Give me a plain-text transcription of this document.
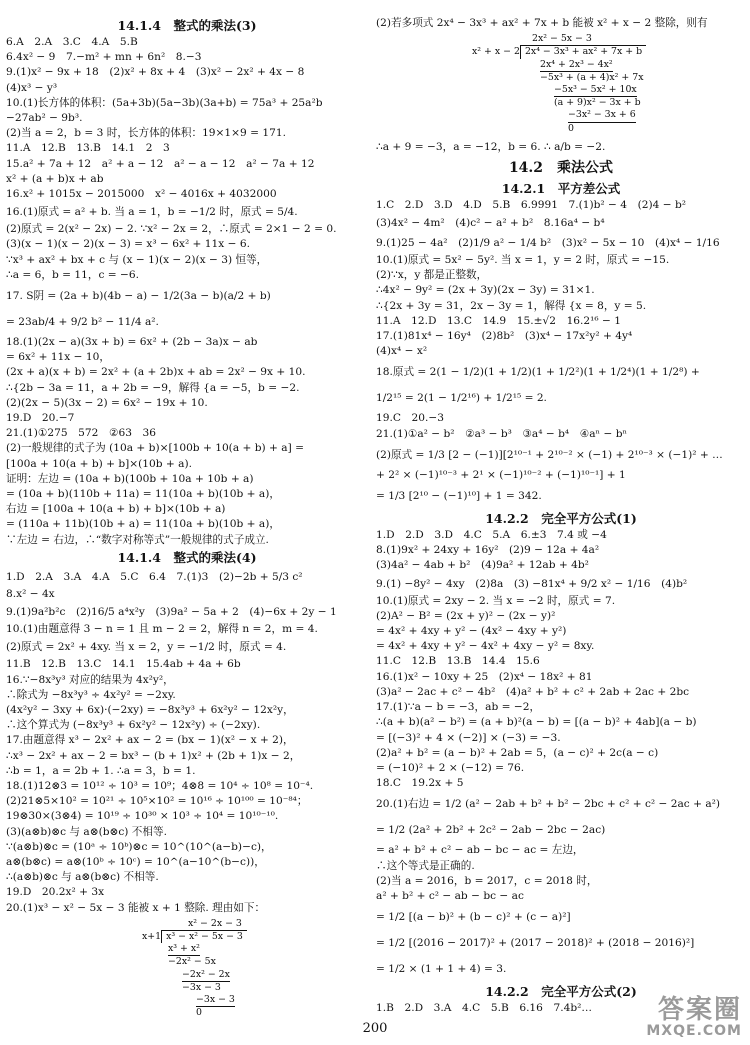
14.1.4　整式的乘法(3)
6.A　2.A　3.C　4.A　5.B
6.4x² − 9　7.−m² + mn + 6n²　8.−3
9.(1)x² − 9x + 18　(2)x² + 8x + 4　(3)x² − 2x² + 4x − 8
(4)x³ − y³
10.(1)长方体的体积：(5a+3b)(5a−3b)(3a+b) = 75a³ + 25a²b
−27ab² − 9b³.
(2)当 a = 2，b = 3 时，长方体的体积：19×1×9 = 171.
11.A　12.B　13.B　14.1　2　3
15.a² + 7a + 12　a² + a − 12　a² − a − 12　a² − 7a + 12
x² + (a + b)x + ab
16.x² + 1015x − 2015000　x² − 4016x + 4032000
16.(1)原式 = a² + b. 当 a = 1，b = −1/2 时，原式 = 5/4.
(2)原式 = 2(x² − 2x) − 2. ∵x² − 2x = 2，∴原式 = 2×1 − 2 = 0.
(3)(x − 1)(x − 2)(x − 3) = x³ − 6x² + 11x − 6.
∵x³ + ax² + bx + c 与 (x − 1)(x − 2)(x − 3) 恒等，
∴a = 6，b = 11，c = −6.
17. S阴 = (2a + b)(4b − a) − 1/2(3a − b)(a/2 + b)
= 23ab/4 + 9/2 b² − 11/4 a².
18.(1)(2x − a)(3x + b) = 6x² + (2b − 3a)x − ab
= 6x² + 11x − 10，
(2x + a)(x + b) = 2x² + (a + 2b)x + ab = 2x² − 9x + 10.
∴{2b − 3a = 11，a + 2b = −9，解得 {a = −5，b = −2.
(2)(2x − 5)(3x − 2) = 6x² − 19x + 10.
19.D　20.−7
21.(1)①275　572　②63　36
(2)一般规律的式子为 (10a + b)×[100b + 10(a + b) + a] =
[100a + 10(a + b) + b]×(10b + a).
证明：左边 = (10a + b)(100b + 10a + 10b + a)
= (10a + b)(110b + 11a) = 11(10a + b)(10b + a)，
右边 = [100a + 10(a + b) + b]×(10b + a)
= (110a + 11b)(10b + a) = 11(10a + b)(10b + a)，
∵左边 = 右边，∴“数字对称等式”一般规律的式子成立.
14.1.4　整式的乘法(4)
1.D　2.A　3.A　4.A　5.C　6.4　7.(1)3　(2)−2b + 5/3 c²
8.x² − 4x
9.(1)9a²b²c　(2)16/5 a⁴x²y　(3)9a² − 5a + 2　(4)−6x + 2y − 1
10.(1)由题意得 3 − n = 1 且 m − 2 = 2，解得 n = 2，m = 4.
(2)原式 = 2x² + 4xy. 当 x = 2，y = −1/2 时，原式 = 4.
11.B　12.B　13.C　14.1　15.4ab + 4a + 6b
16.∵−8x³y³ 对应的结果为 4x²y²，
∴除式为 −8x³y³ ÷ 4x²y² = −2xy.
(4x²y² − 3xy + 6x)·(−2xy) = −8x³y³ + 6x²y² − 12x²y，
∴这个算式为 (−8x³y³ + 6x²y² − 12x²y) ÷ (−2xy).
17.由题意得 x³ − 2x² + ax − 2 = (bx − 1)(x² − x + 2)，
∴x³ − 2x² + ax − 2 = bx³ − (b + 1)x² + (2b + 1)x − 2，
∴b = 1，a = 2b + 1. ∴a = 3，b = 1.
18.(1)12⊗3 = 10¹² ÷ 10³ = 10⁹；4⊗8 = 10⁴ ÷ 10⁸ = 10⁻⁴.
(2)21⊗5×10² = 10²¹ ÷ 10⁵×10² = 10¹⁶ ÷ 10¹⁰⁰ = 10⁻⁸⁴；
19⊗30×(3⊗4) = 10¹⁹ ÷ 10³⁰ × 10³ ÷ 10⁴ = 10¹⁰⁻¹⁰.
(3)(a⊗b)⊗c 与 a⊗(b⊗c) 不相等.
∵(a⊗b)⊗c = (10ᵃ ÷ 10ᵇ)⊗c = 10^(10^(a−b)−c)，
a⊗(b⊗c) = a⊗(10ᵇ ÷ 10ᶜ) = 10^(a−10^(b−c))，
∴(a⊗b)⊗c 与 a⊗(b⊗c) 不相等.
19.D　20.2x² + 3x
20.(1)x³ − x² − 5x − 3 能被 x + 1 整除. 理由如下：
x² − 2x − 3
x+1 x³ − x² − 5x − 3
x³ + x²
−2x² − 5x
−2x² − 2x
−3x − 3
−3x − 3
0
(2)若多项式 2x⁴ − 3x³ + ax² + 7x + b 能被 x² + x − 2 整除，则有
2x² − 5x − 3
x² + x − 2 2x⁴ − 3x³ + ax² + 7x + b
2x⁴ + 2x³ − 4x²
−5x³ + (a + 4)x² + 7x
−5x³ − 5x² + 10x
(a + 9)x² − 3x + b
−3x² − 3x + 6
0
∴a + 9 = −3，a = −12，b = 6. ∴ a/b = −2.
14.2　乘法公式
14.2.1　平方差公式
1.C　2.D　3.D　4.D　5.B　6.9991　7.(1)b² − 4　(2)4 − b²
(3)4x² − 4m²　(4)c² − a² + b²　8.16a⁴ − b⁴
9.(1)25 − 4a²　(2)1/9 a² − 1/4 b²　(3)x² − 5x − 10　(4)x⁴ − 1/16
10.(1)原式 = 5x² − 5y². 当 x = 1，y = 2 时，原式 = −15.
(2)∵x，y 都是正整数，
∴4x² − 9y² = (2x + 3y)(2x − 3y) = 31×1.
∴{2x + 3y = 31，2x − 3y = 1，解得 {x = 8，y = 5.
11.A　12.D　13.C　14.9　15.±√2　16.2¹⁶ − 1
17.(1)81x⁴ − 16y⁴　(2)8b²　(3)x⁴ − 17x²y² + 4y⁴
(4)x⁴ − x²
18.原式 = 2(1 − 1/2)(1 + 1/2)(1 + 1/2²)(1 + 1/2⁴)(1 + 1/2⁸) +
1/2¹⁵ = 2(1 − 1/2¹⁶) + 1/2¹⁵ = 2.
19.C　20.−3
21.(1)①a² − b²　②a³ − b³　③a⁴ − b⁴　④aⁿ − bⁿ
(2)原式 = 1/3 [2 − (−1)][2¹⁰⁻¹ + 2¹⁰⁻² × (−1) + 2¹⁰⁻³ × (−1)² + …
+ 2² × (−1)¹⁰⁻³ + 2¹ × (−1)¹⁰⁻² + (−1)¹⁰⁻¹] + 1
= 1/3 [2¹⁰ − (−1)¹⁰] + 1 = 342.
14.2.2　完全平方公式(1)
1.D　2.D　3.D　4.C　5.A　6.±3　7.4 或 −4
8.(1)9x² + 24xy + 16y²　(2)9 − 12a + 4a²
(3)4a² − 4ab + b²　(4)9a² + 12ab + 4b²
9.(1) −8y² − 4xy　(2)8a　(3) −81x⁴ + 9/2 x² − 1/16　(4)b²
10.(1)原式 = 2xy − 2. 当 x = −2 时，原式 = 7.
(2)A² − B² = (2x + y)² − (2x − y)²
= 4x² + 4xy + y² − (4x² − 4xy + y²)
= 4x² + 4xy + y² − 4x² + 4xy − y² = 8xy.
11.C　12.B　13.B　14.4　15.6
16.(1)x² − 10xy + 25　(2)x⁴ − 18x² + 81
(3)a² − 2ac + c² − 4b²　(4)a² + b² + c² + 2ab + 2ac + 2bc
17.(1)∵a − b = −3，ab = −2，
∴(a + b)(a² − b²) = (a + b)²(a − b) = [(a − b)² + 4ab](a − b)
= [(−3)² + 4 × (−2)] × (−3) = −3.
(2)a² + b² = (a − b)² + 2ab = 5，(a − c)² + 2c(a − c)
= (−10)² + 2 × (−12) = 76.
18.C　19.2x + 5
20.(1)右边 = 1/2 (a² − 2ab + b² + b² − 2bc + c² + c² − 2ac + a²)
= 1/2 (2a² + 2b² + 2c² − 2ab − 2bc − 2ac)
= a² + b² + c² − ab − bc − ac = 左边，
∴这个等式是正确的.
(2)当 a = 2016，b = 2017，c = 2018 时，
a² + b² + c² − ab − bc − ac
= 1/2 [(a − b)² + (b − c)² + (c − a)²]
= 1/2 [(2016 − 2017)² + (2017 − 2018)² + (2018 − 2016)²]
= 1/2 × (1 + 1 + 4) = 3.
14.2.2　完全平方公式(2)
1.B　2.D　3.A　4.C　5.B　6.16　7.4b²…
200
答案圈
MXQE.COM
